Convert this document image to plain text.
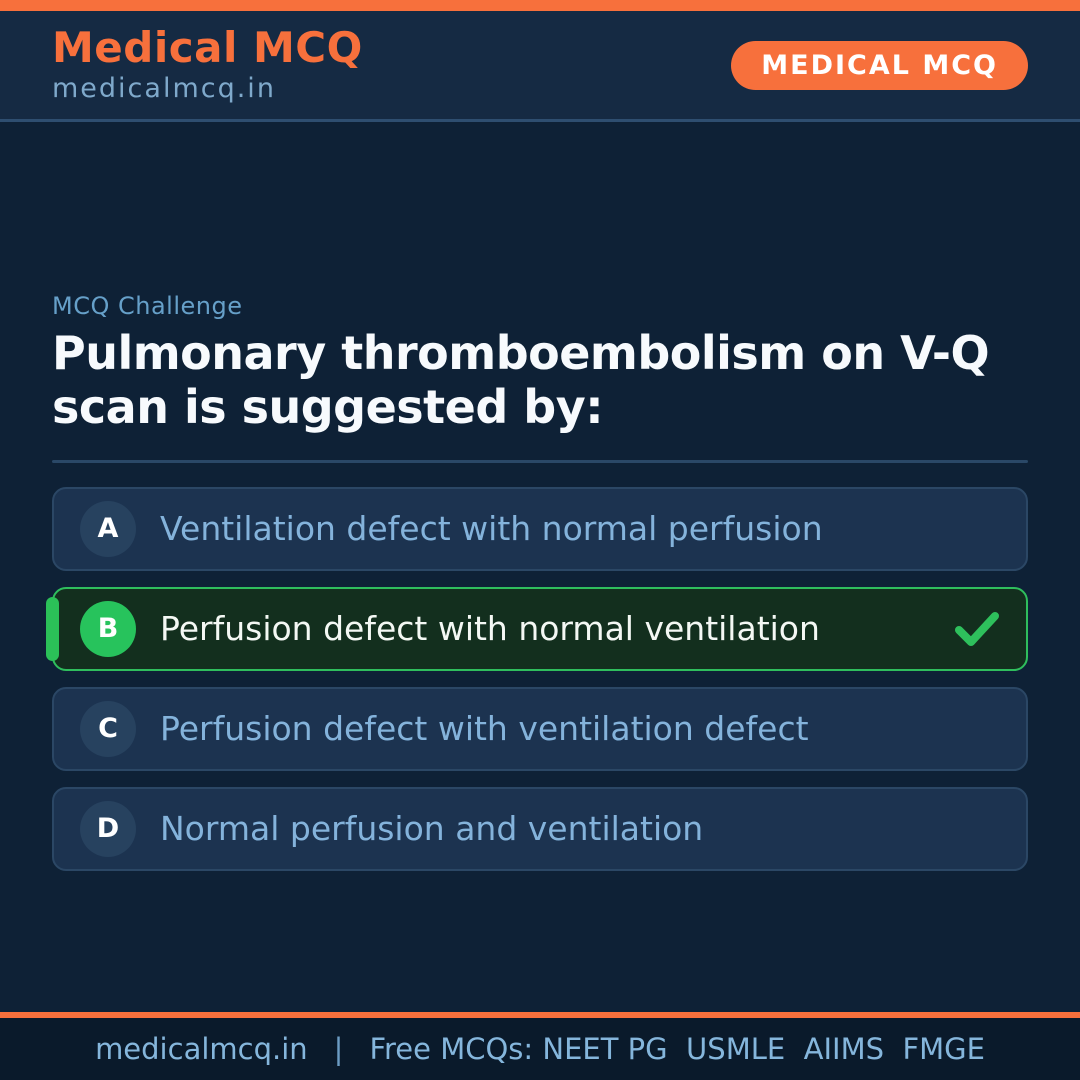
Medical MCQ
medicalmcq.in
MEDICAL MCQ
MCQ Challenge
Pulmonary thromboembolism on V-Q scan is suggested by:
A Ventilation defect with normal perfusion
B Perfusion defect with normal ventilation
C Perfusion defect with ventilation defect
D Normal perfusion and ventilation
medicalmcq.in | Free MCQs: NEET PG  USMLE  AIIMS  FMGE
